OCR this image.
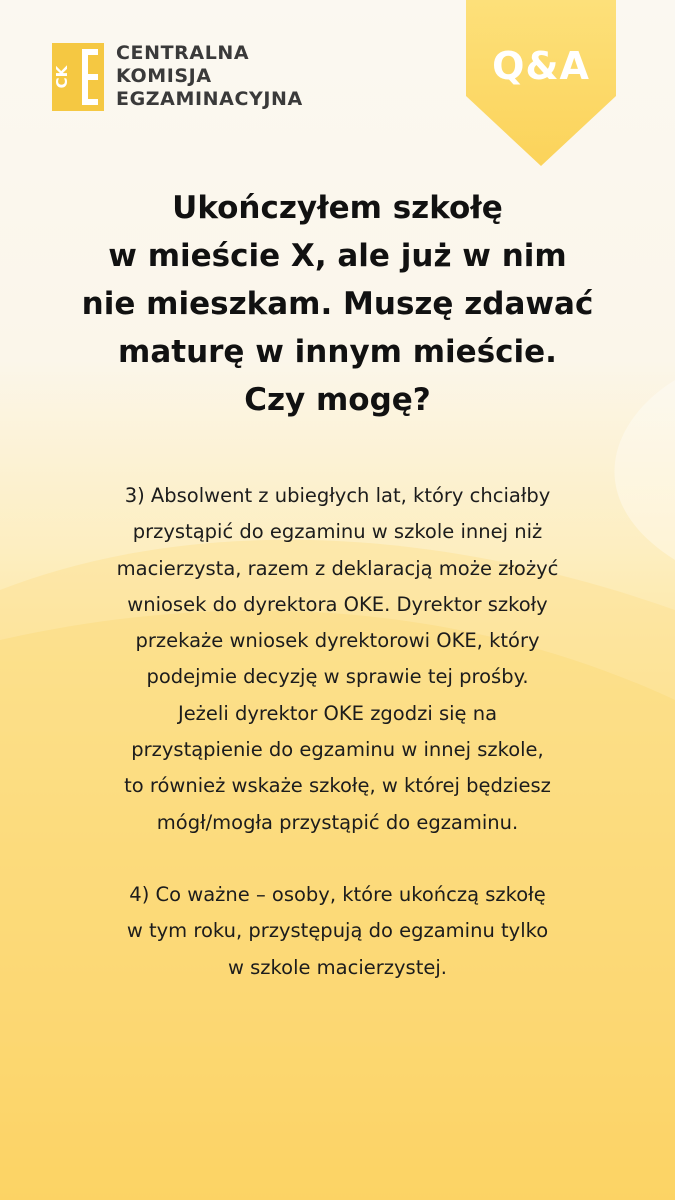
CK
CENTRALNA
KOMISJA
EGZAMINACYJNA
Q&A
Ukończyłem szkołę
w mieście X, ale już w nim
nie mieszkam. Muszę zdawać
maturę w innym mieście.
Czy mogę?
3) Absolwent z ubiegłych lat, który chciałby
przystąpić do egzaminu w szkole innej niż
macierzysta, razem z deklaracją może złożyć
wniosek do dyrektora OKE. Dyrektor szkoły
przekaże wniosek dyrektorowi OKE, który
podejmie decyzję w sprawie tej prośby.
Jeżeli dyrektor OKE zgodzi się na
przystąpienie do egzaminu w innej szkole,
to również wskaże szkołę, w której będziesz
mógł/mogła przystąpić do egzaminu.
4) Co ważne – osoby, które ukończą szkołę
w tym roku, przystępują do egzaminu tylko
w szkole macierzystej.
